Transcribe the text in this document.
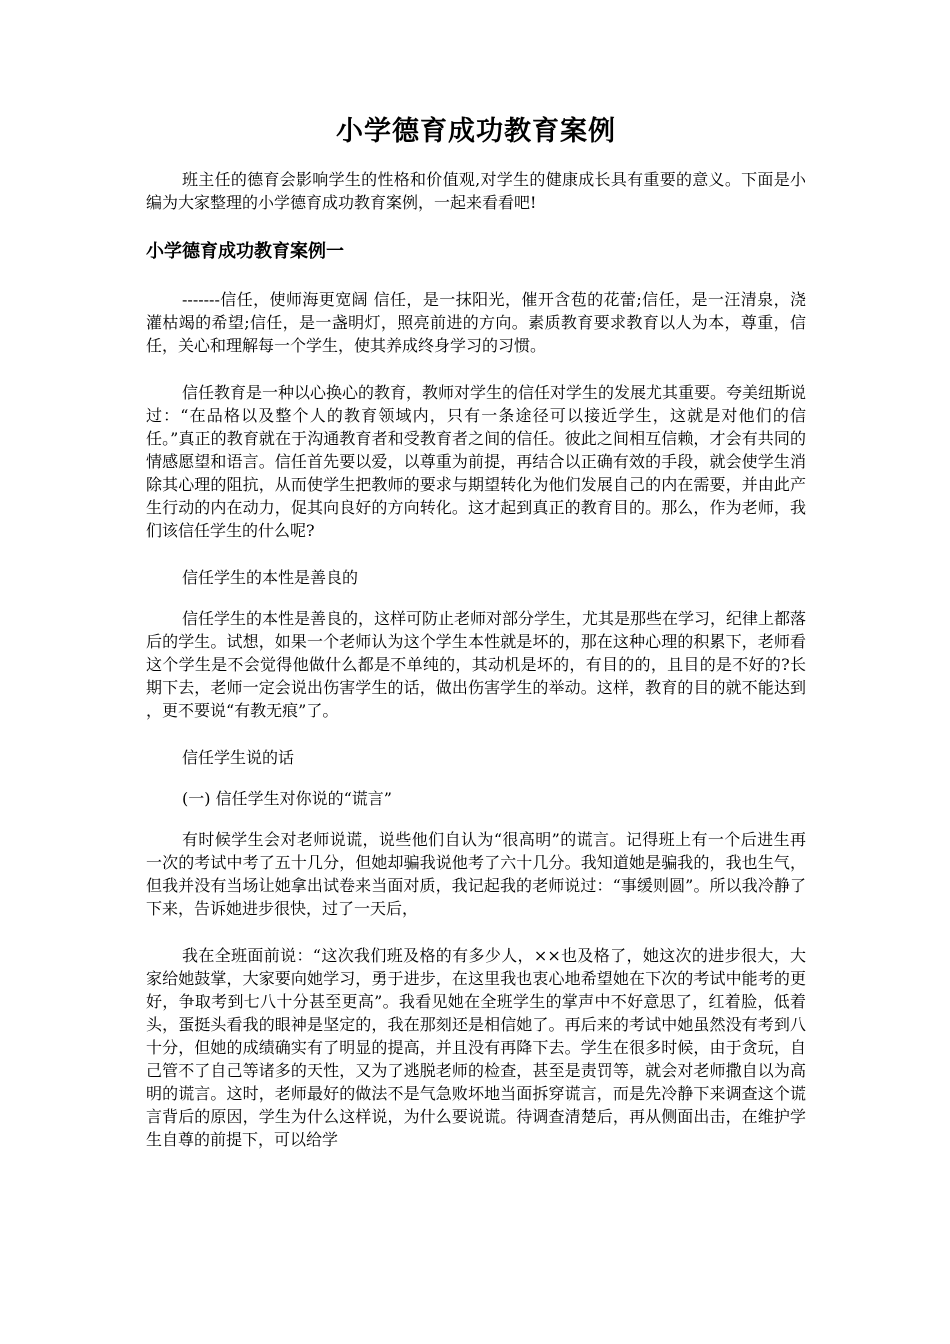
小学德育成功教育案例

班主任的德育会影响学生的性格和价值观,对学生的健康成长具有重要的意义。下面是小编为大家整理的小学德育成功教育案例，一起来看看吧!

小学德育成功教育案例一

-------信任，使师海更宽阔 信任，是一抹阳光，催开含苞的花蕾;信任，是一汪清泉，浇灌枯竭的希望;信任，是一盏明灯，照亮前进的方向。素质教育要求教育以人为本，尊重，信任，关心和理解每一个学生，使其养成终身学习的习惯。

信任教育是一种以心换心的教育，教师对学生的信任对学生的发展尤其重要。夸美纽斯说过：“在品格以及整个人的教育领域内，只有一条途径可以接近学生，这就是对他们的信任。”真正的教育就在于沟通教育者和受教育者之间的信任。彼此之间相互信赖，才会有共同的情感愿望和语言。信任首先要以爱，以尊重为前提，再结合以正确有效的手段，就会使学生消除其心理的阻抗，从而使学生把教师的要求与期望转化为他们发展自己的内在需要，并由此产生行动的内在动力，促其向良好的方向转化。这才起到真正的教育目的。那么，作为老师，我们该信任学生的什么呢?

信任学生的本性是善良的

信任学生的本性是善良的，这样可防止老师对部分学生，尤其是那些在学习，纪律上都落后的学生。试想，如果一个老师认为这个学生本性就是坏的，那在这种心理的积累下，老师看这个学生是不会觉得他做什么都是不单纯的，其动机是坏的，有目的的，且目的是不好的?长期下去，老师一定会说出伤害学生的话，做出伤害学生的举动。这样，教育的目的就不能达到 ，更不要说“有教无痕”了。

信任学生说的话

(一) 信任学生对你说的“谎言”

有时候学生会对老师说谎，说些他们自认为“很高明”的谎言。记得班上有一个后进生再一次的考试中考了五十几分，但她却骗我说他考了六十几分。我知道她是骗我的，我也生气，但我并没有当场让她拿出试卷来当面对质，我记起我的老师说过：“事缓则圆”。所以我冷静了下来，告诉她进步很快，过了一天后，

我在全班面前说：“这次我们班及格的有多少人，××也及格了，她这次的进步很大，大家给她鼓掌，大家要向她学习，勇于进步，在这里我也衷心地希望她在下次的考试中能考的更好，争取考到七八十分甚至更高”。我看见她在全班学生的掌声中不好意思了，红着脸，低着头，蛋挺头看我的眼神是坚定的，我在那刻还是相信她了。再后来的考试中她虽然没有考到八十分，但她的成绩确实有了明显的提高，并且没有再降下去。学生在很多时候，由于贪玩，自己管不了自己等诸多的天性，又为了逃脱老师的检查，甚至是责罚等，就会对老师撒自以为高明的谎言。这时，老师最好的做法不是气急败坏地当面拆穿谎言，而是先冷静下来调查这个谎言背后的原因，学生为什么这样说，为什么要说谎。待调查清楚后，再从侧面出击，在维护学生自尊的前提下，可以给学
